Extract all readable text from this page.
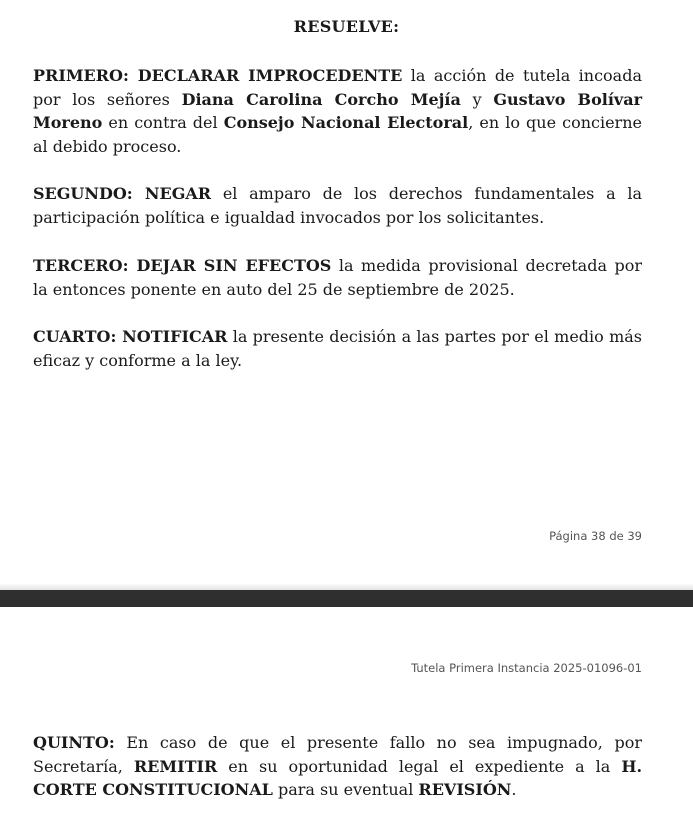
RESUELVE:

PRIMERO: DECLARAR IMPROCEDENTE la acción de tutela incoada por los señores Diana Carolina Corcho Mejía y Gustavo Bolívar Moreno en contra del Consejo Nacional Electoral, en lo que concierne al debido proceso.

SEGUNDO: NEGAR el amparo de los derechos fundamentales a la participación política e igualdad invocados por los solicitantes.

TERCERO: DEJAR SIN EFECTOS la medida provisional decretada por la entonces ponente en auto del 25 de septiembre de 2025.

CUARTO: NOTIFICAR la presente decisión a las partes por el medio más eficaz y conforme a la ley.

Página 38 de 39
Tutela Primera Instancia 2025-01096-01

QUINTO: En caso de que el presente fallo no sea impugnado, por Secretaría, REMITIR en su oportunidad legal el expediente a la H. CORTE CONSTITUCIONAL para su eventual REVISIÓN.
